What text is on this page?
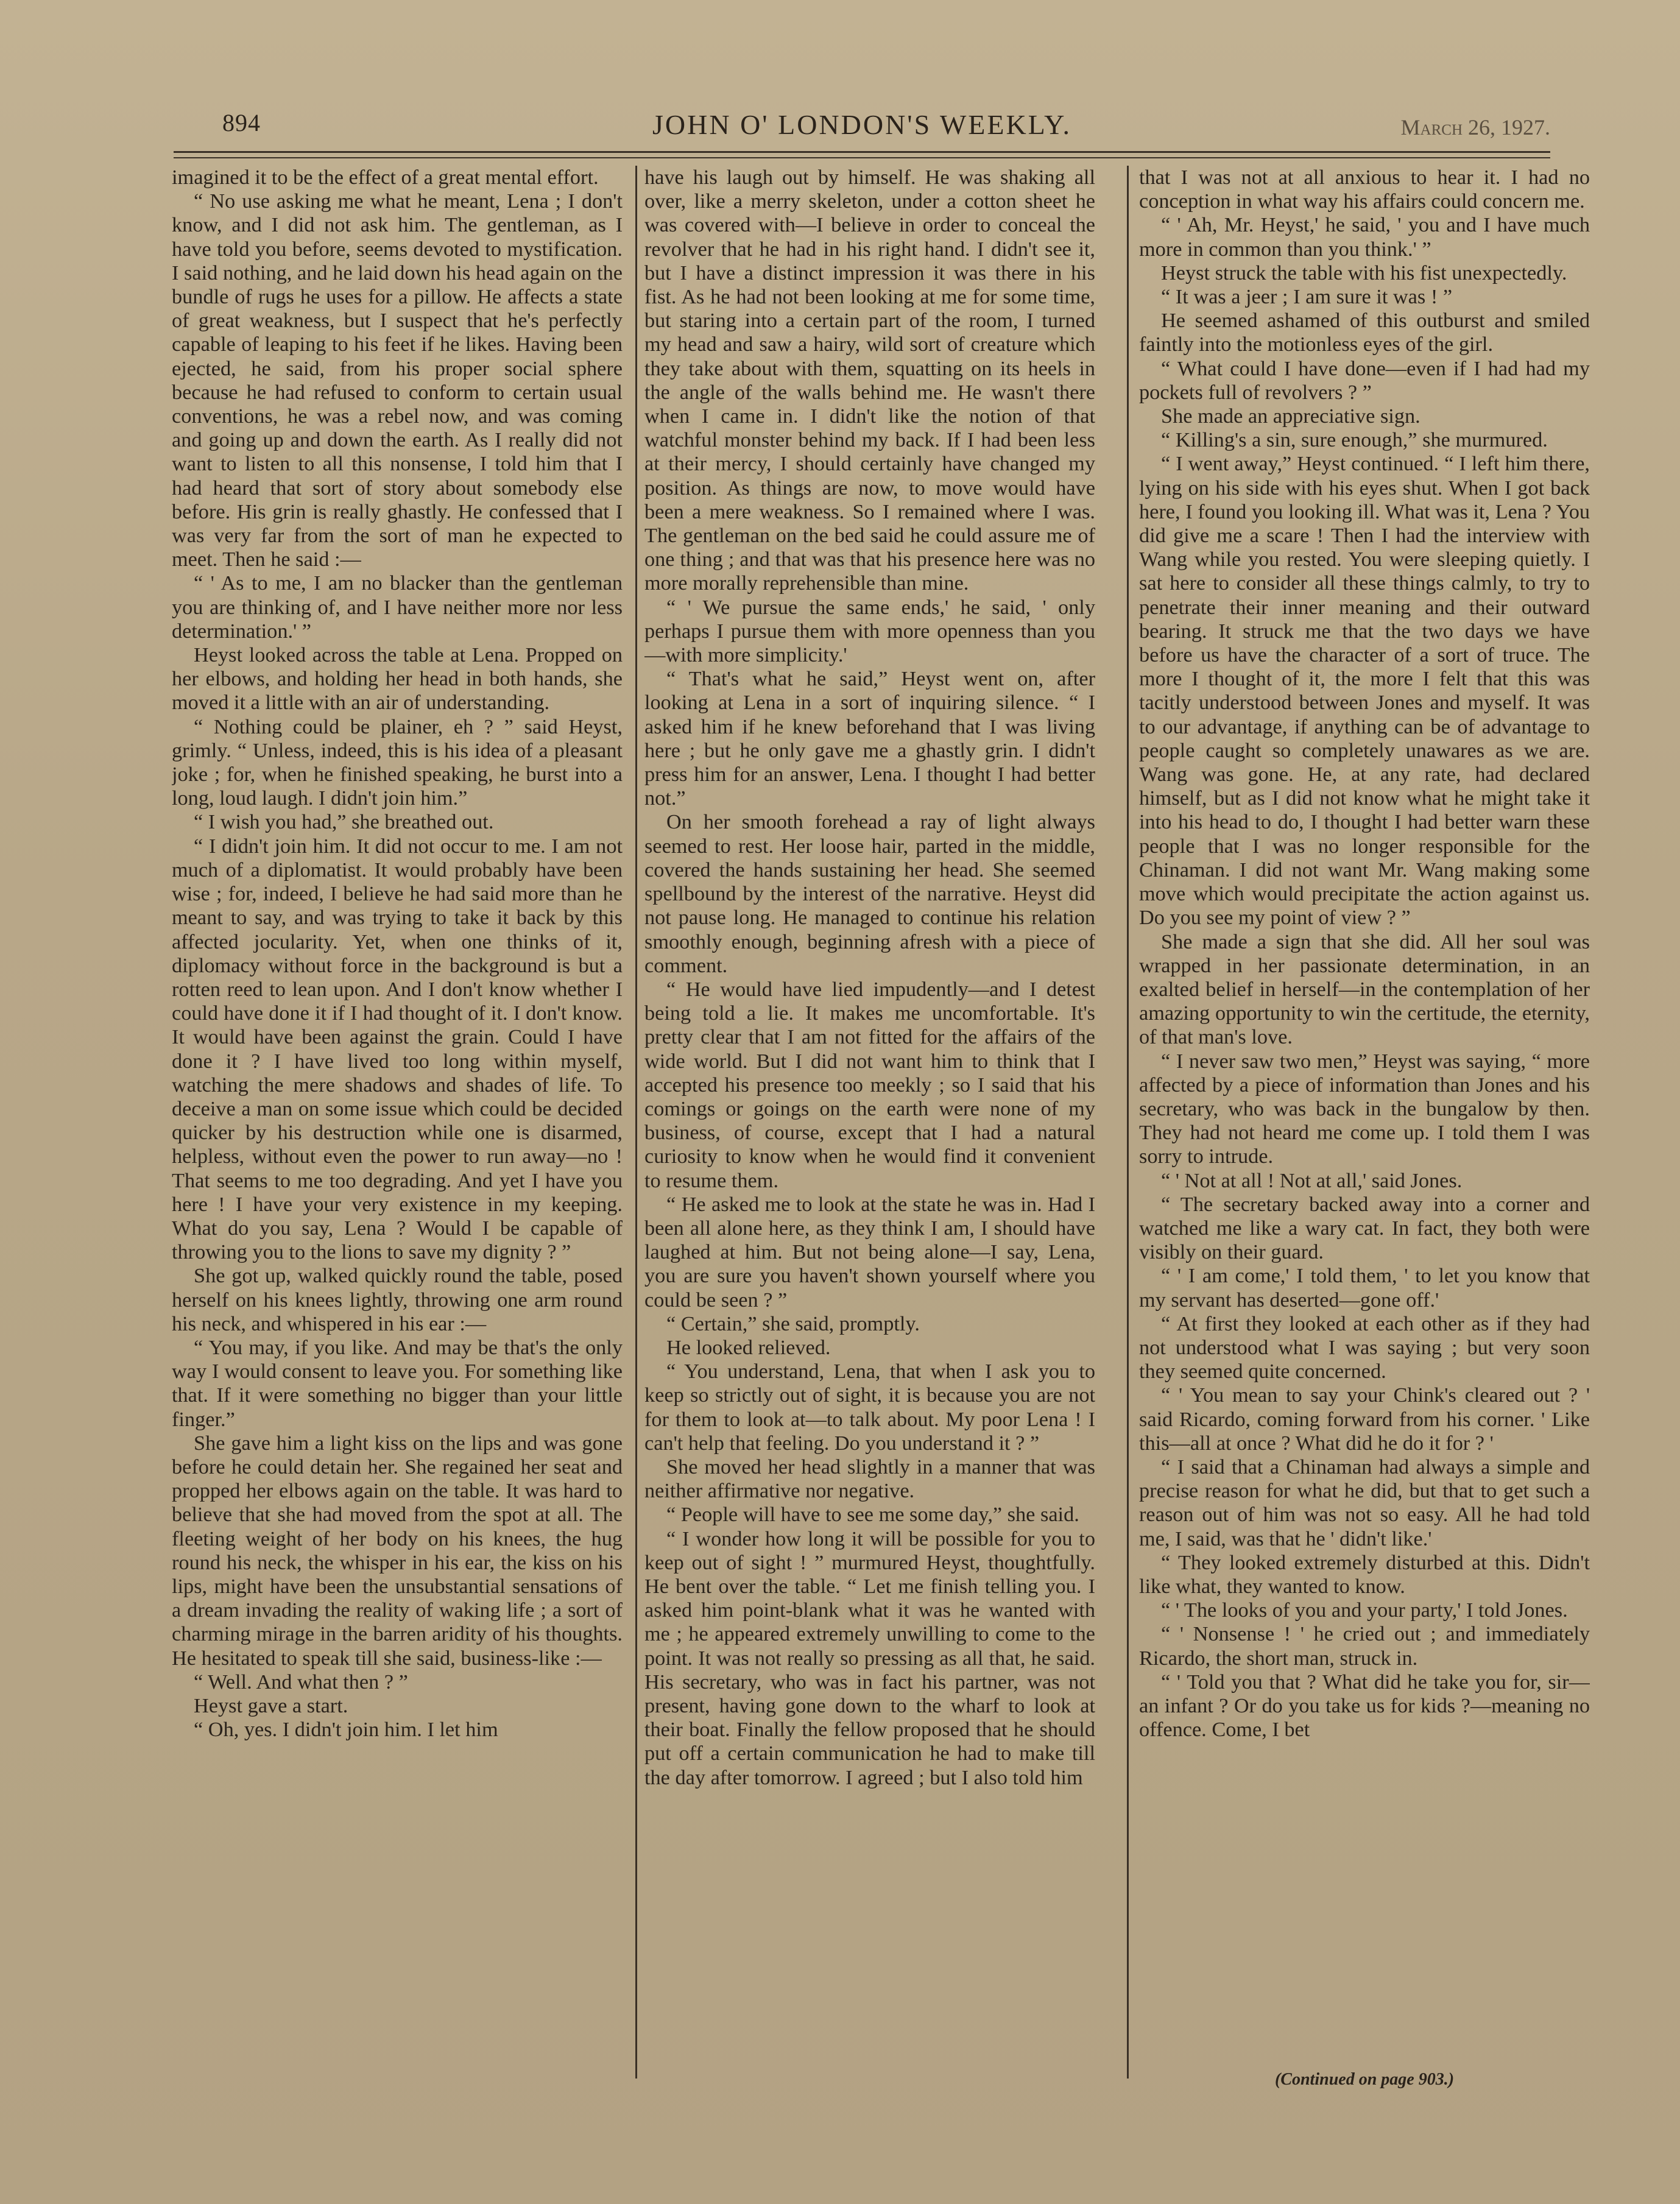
894	JOHN O' LONDON'S WEEKLY.	March 26, 1927.

imagined it to be the effect of a great mental effort.

“ No use asking me what he meant, Lena ; I don't know, and I did not ask him. The gentleman, as I have told you before, seems devoted to mystification. I said nothing, and he laid down his head again on the bundle of rugs he uses for a pillow. He affects a state of great weakness, but I suspect that he's perfectly capable of leaping to his feet if he likes. Having been ejected, he said, from his proper social sphere because he had refused to conform to certain usual conventions, he was a rebel now, and was coming and going up and down the earth. As I really did not want to listen to all this nonsense, I told him that I had heard that sort of story about somebody else before. His grin is really ghastly. He confessed that I was very far from the sort of man he expected to meet. Then he said :—

“ ' As to me, I am no blacker than the gentleman you are thinking of, and I have neither more nor less determination.' ”

Heyst looked across the table at Lena. Propped on her elbows, and holding her head in both hands, she moved it a little with an air of understanding.

“ Nothing could be plainer, eh ? ” said Heyst, grimly. “ Unless, indeed, this is his idea of a pleasant joke ; for, when he finished speaking, he burst into a long, loud laugh. I didn't join him.”

“ I wish you had,” she breathed out.

“ I didn't join him. It did not occur to me. I am not much of a diplomatist. It would probably have been wise ; for, indeed, I believe he had said more than he meant to say, and was trying to take it back by this affected jocularity. Yet, when one thinks of it, diplomacy without force in the background is but a rotten reed to lean upon. And I don't know whether I could have done it if I had thought of it. I don't know. It would have been against the grain. Could I have done it ? I have lived too long within myself, watching the mere shadows and shades of life. To deceive a man on some issue which could be decided quicker by his destruction while one is disarmed, helpless, without even the power to run away—no ! That seems to me too degrading. And yet I have you here ! I have your very existence in my keeping. What do you say, Lena ? Would I be capable of throwing you to the lions to save my dignity ? ”

She got up, walked quickly round the table, posed herself on his knees lightly, throwing one arm round his neck, and whispered in his ear :—

“ You may, if you like. And may be that's the only way I would consent to leave you. For something like that. If it were something no bigger than your little finger.”

She gave him a light kiss on the lips and was gone before he could detain her. She regained her seat and propped her elbows again on the table. It was hard to believe that she had moved from the spot at all. The fleeting weight of her body on his knees, the hug round his neck, the whisper in his ear, the kiss on his lips, might have been the unsubstantial sensations of a dream invading the reality of waking life ; a sort of charming mirage in the barren aridity of his thoughts. He hesitated to speak till she said, business-like :—

“ Well. And what then ? ”

Heyst gave a start.

“ Oh, yes. I didn't join him. I let him

have his laugh out by himself. He was shaking all over, like a merry skeleton, under a cotton sheet he was covered with—I believe in order to conceal the revolver that he had in his right hand. I didn't see it, but I have a distinct impression it was there in his fist. As he had not been looking at me for some time, but staring into a certain part of the room, I turned my head and saw a hairy, wild sort of creature which they take about with them, squatting on its heels in the angle of the walls behind me. He wasn't there when I came in. I didn't like the notion of that watchful monster behind my back. If I had been less at their mercy, I should certainly have changed my position. As things are now, to move would have been a mere weakness. So I remained where I was. The gentleman on the bed said he could assure me of one thing ; and that was that his presence here was no more morally reprehensible than mine.

“ ' We pursue the same ends,' he said, ' only perhaps I pursue them with more openness than you—with more simplicity.'

“ That's what he said,” Heyst went on, after looking at Lena in a sort of inquiring silence. “ I asked him if he knew beforehand that I was living here ; but he only gave me a ghastly grin. I didn't press him for an answer, Lena. I thought I had better not.”

On her smooth forehead a ray of light always seemed to rest. Her loose hair, parted in the middle, covered the hands sustaining her head. She seemed spellbound by the interest of the narrative. Heyst did not pause long. He managed to continue his relation smoothly enough, beginning afresh with a piece of comment.

“ He would have lied impudently—and I detest being told a lie. It makes me uncomfortable. It's pretty clear that I am not fitted for the affairs of the wide world. But I did not want him to think that I accepted his presence too meekly ; so I said that his comings or goings on the earth were none of my business, of course, except that I had a natural curiosity to know when he would find it convenient to resume them.

“ He asked me to look at the state he was in. Had I been all alone here, as they think I am, I should have laughed at him. But not being alone—I say, Lena, you are sure you haven't shown yourself where you could be seen ? ”

“ Certain,” she said, promptly.

He looked relieved.

“ You understand, Lena, that when I ask you to keep so strictly out of sight, it is because you are not for them to look at—to talk about. My poor Lena ! I can't help that feeling. Do you understand it ? ”

She moved her head slightly in a manner that was neither affirmative nor negative.

“ People will have to see me some day,” she said.

“ I wonder how long it will be possible for you to keep out of sight ! ” murmured Heyst, thoughtfully. He bent over the table. “ Let me finish telling you. I asked him point-blank what it was he wanted with me ; he appeared extremely unwilling to come to the point. It was not really so pressing as all that, he said. His secretary, who was in fact his partner, was not present, having gone down to the wharf to look at their boat. Finally the fellow proposed that he should put off a certain communication he had to make till the day after tomorrow. I agreed ; but I also told him

that I was not at all anxious to hear it. I had no conception in what way his affairs could concern me.

“ ' Ah, Mr. Heyst,' he said, ' you and I have much more in common than you think.' ”

Heyst struck the table with his fist unexpectedly.

“ It was a jeer ; I am sure it was ! ”

He seemed ashamed of this outburst and smiled faintly into the motionless eyes of the girl.

“ What could I have done—even if I had had my pockets full of revolvers ? ”

She made an appreciative sign.

“ Killing's a sin, sure enough,” she murmured.

“ I went away,” Heyst continued. “ I left him there, lying on his side with his eyes shut. When I got back here, I found you looking ill. What was it, Lena ? You did give me a scare ! Then I had the interview with Wang while you rested. You were sleeping quietly. I sat here to consider all these things calmly, to try to penetrate their inner meaning and their outward bearing. It struck me that the two days we have before us have the character of a sort of truce. The more I thought of it, the more I felt that this was tacitly understood between Jones and myself. It was to our advantage, if anything can be of advantage to people caught so completely unawares as we are. Wang was gone. He, at any rate, had declared himself, but as I did not know what he might take it into his head to do, I thought I had better warn these people that I was no longer responsible for the Chinaman. I did not want Mr. Wang making some move which would precipitate the action against us. Do you see my point of view ? ”

She made a sign that she did. All her soul was wrapped in her passionate determination, in an exalted belief in herself—in the contemplation of her amazing opportunity to win the certitude, the eternity, of that man's love.

“ I never saw two men,” Heyst was saying, “ more affected by a piece of information than Jones and his secretary, who was back in the bungalow by then. They had not heard me come up. I told them I was sorry to intrude.

“ ' Not at all ! Not at all,' said Jones.

“ The secretary backed away into a corner and watched me like a wary cat. In fact, they both were visibly on their guard.

“ ' I am come,' I told them, ' to let you know that my servant has deserted—gone off.'

“ At first they looked at each other as if they had not understood what I was saying ; but very soon they seemed quite concerned.

“ ' You mean to say your Chink's cleared out ? ' said Ricardo, coming forward from his corner. ' Like this—all at once ? What did he do it for ? '

“ I said that a Chinaman had always a simple and precise reason for what he did, but that to get such a reason out of him was not so easy. All he had told me, I said, was that he ' didn't like.'

“ They looked extremely disturbed at this. Didn't like what, they wanted to know.

“ ' The looks of you and your party,' I told Jones.

“ ' Nonsense ! ' he cried out ; and immediately Ricardo, the short man, struck in.

“ ' Told you that ? What did he take you for, sir—an infant ? Or do you take us for kids ?—meaning no offence. Come, I bet

(Continued on page 903.)
